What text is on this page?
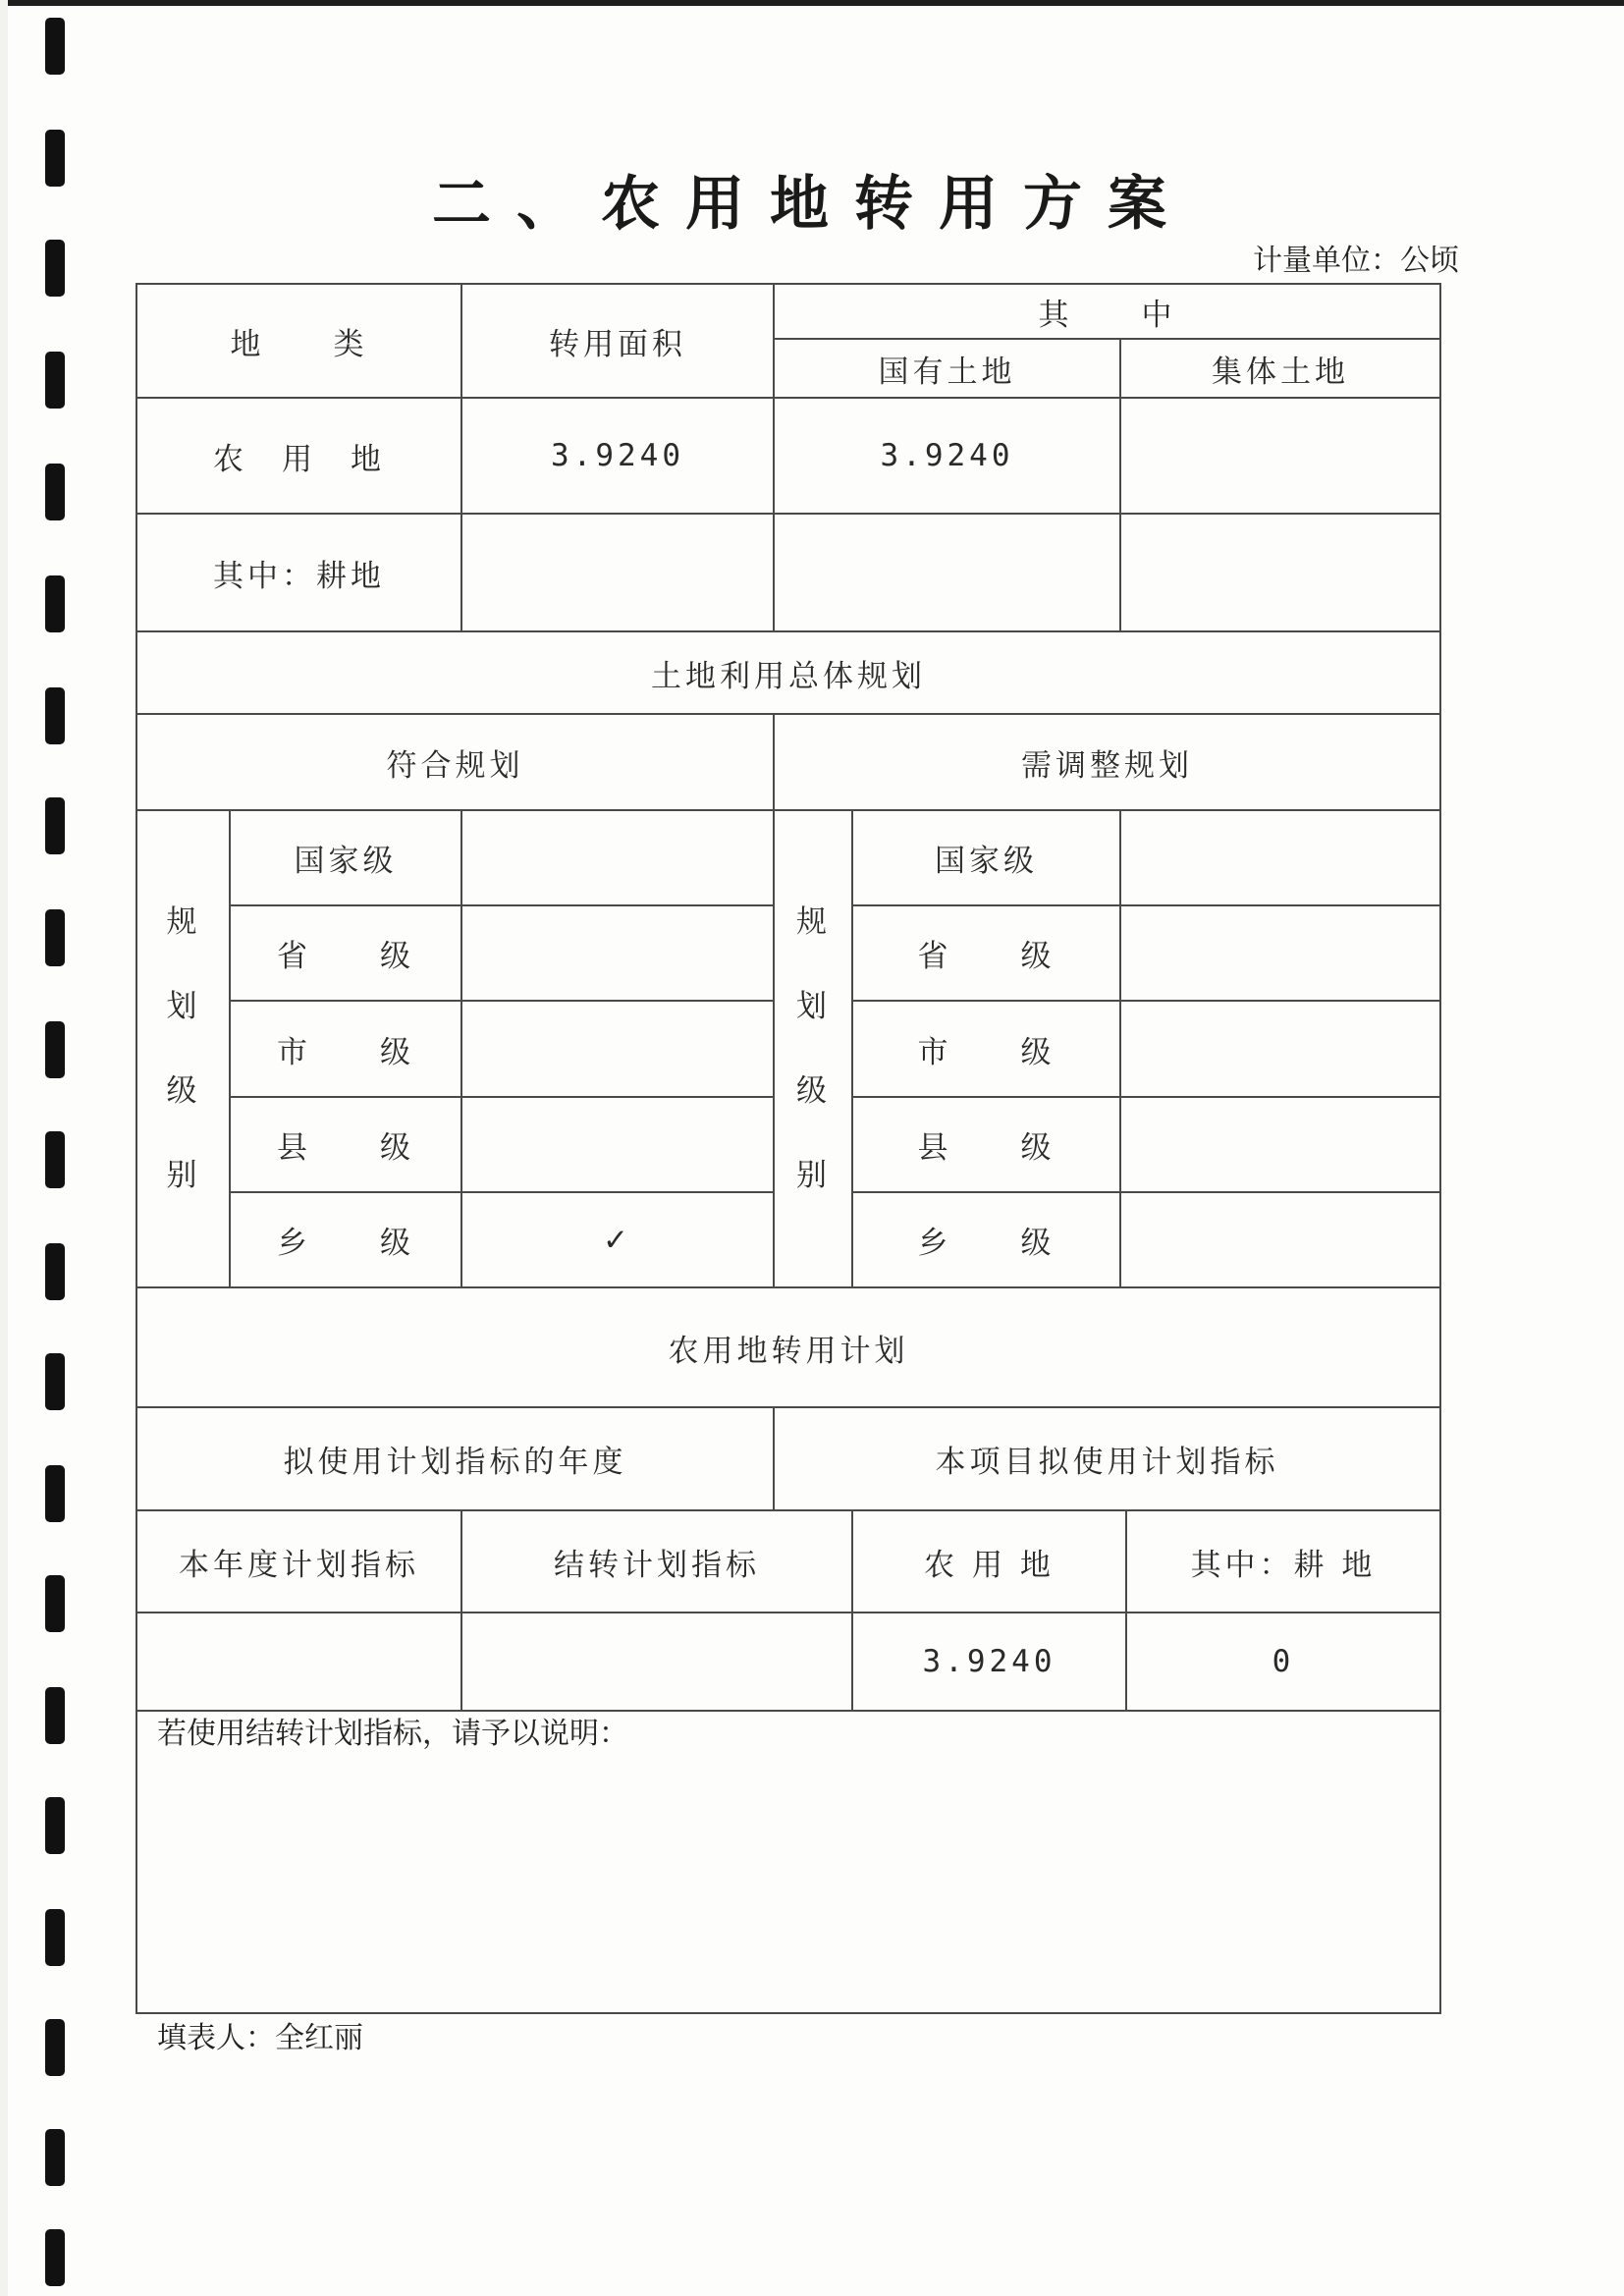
二、农用地转用方案
计量单位：公顷
地　　类		转用面积	其　　中			
			国有土地		集体土地	
农　用　地		3.9240	3.9240			
其中：耕地						
土地利用总体规划						
符合规划			需调整规划			

规划级别	国家级		规划级别	国家级		
	省　　级			省　　级		
	市　　级			市　　级		
	县　　级			县　　级		
	乡　　级	✓		乡　　级		
农用地转用计划						
拟使用计划指标的年度			本项目拟使用计划指标			
本年度计划指标		结转计划指标		农 用 地		其中：耕 地
				3.9240		0

若使用结转计划指标，请予以说明：
填表人：全红丽
